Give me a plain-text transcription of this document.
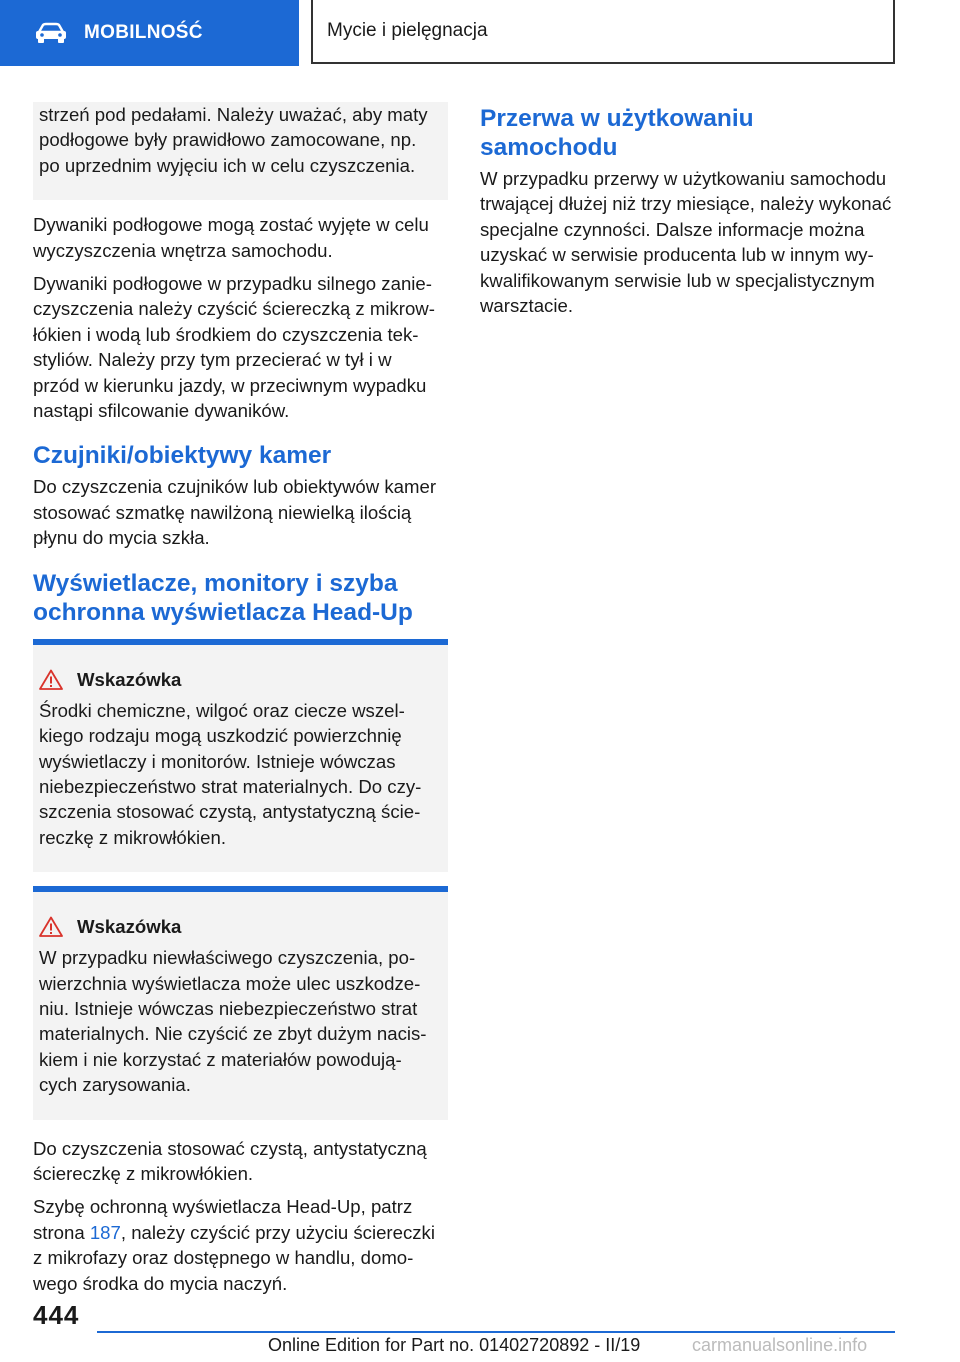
MOBILNOŚĆ	Mycie i pielęgnacja

strzeń pod pedałami. Należy uważać, aby maty

podłogowe były prawidłowo zamocowane, np.

po uprzednim wyjęciu ich w celu czyszczenia.

Dywaniki podłogowe mogą zostać wyjęte w celu
wyczyszczenia wnętrza samochodu.

Dywaniki podłogowe w przypadku silnego zanie-
czyszczenia należy czyścić ściereczką z mikrow-
łókien i wodą lub środkiem do czyszczenia tek-
styliów. Należy przy tym przecierać w tył i w
przód w kierunku jazdy, w przeciwnym wypadku
nastąpi sfilcowanie dywaników.

Czujniki/obiektywy kamer

Do czyszczenia czujników lub obiektywów kamer
stosować szmatkę nawilżoną niewielką ilością
płynu do mycia szkła.

Wyświetlacze, monitory i szyba
ochronna wyświetlacza Head-Up
Wskazówka

Środki chemiczne, wilgoć oraz ciecze wszel-

kiego rodzaju mogą uszkodzić powierzchnię

wyświetlaczy i monitorów. Istnieje wówczas

niebezpieczeństwo strat materialnych. Do czy-

szczenia stosować czystą, antystatyczną ście-

reczkę z mikrowłókien.

Wskazówka

W przypadku niewłaściwego czyszczenia, po-

wierzchnia wyświetlacza może ulec uszkodze-

niu. Istnieje wówczas niebezpieczeństwo strat

materialnych. Nie czyścić ze zbyt dużym nacis-

kiem i nie korzystać z materiałów powodują-

cych zarysowania.

Do czyszczenia stosować czystą, antystatyczną
ściereczkę z mikrowłókien.

Szybę ochronną wyświetlacza Head-Up, patrz
strona 187, należy czyścić przy użyciu ściereczki
z mikrofazy oraz dostępnego w handlu, domo-
wego środka do mycia naczyń.

Przerwa w użytkowaniu
samochodu

W przypadku przerwy w użytkowaniu samochodu
trwającej dłużej niż trzy miesiące, należy wykonać
specjalne czynności. Dalsze informacje można
uzyskać w serwisie producenta lub w innym wy-
kwalifikowanym serwisie lub w specjalistycznym
warsztacie.

444
Online Edition for Part no. 01402720892 - II/19	carmanualsonline.info
